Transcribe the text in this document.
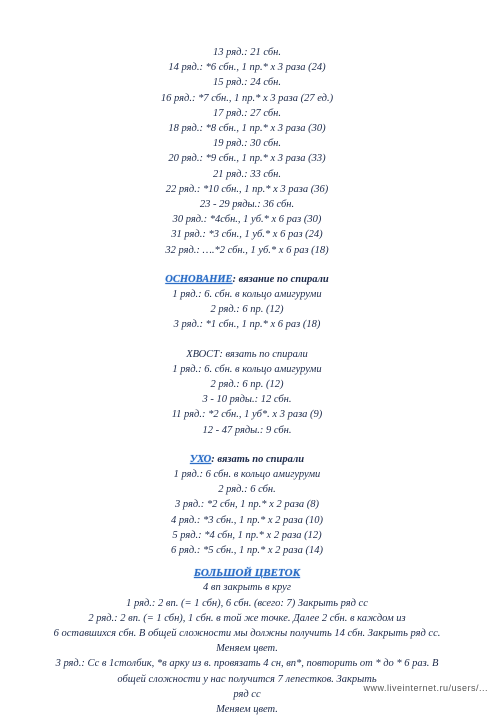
13 ряд.: 21 сбн.
14 ряд.: *6 сбн., 1 пр.* х 3 раза (24)
15 ряд.: 24 сбн.
16 ряд.: *7 сбн., 1 пр.* х 3 раза (27 ед.)
17 ряд.: 27 сбн.
18 ряд.: *8 сбн., 1 пр.* х 3 раза (30)
19 ряд.: 30 сбн.
20 ряд.: *9 сбн., 1 пр.* х 3 раза (33)
21 ряд.: 33 сбн.
22 ряд.: *10 сбн., 1 пр.* х 3 раза (36)
23 - 29 ряды.: 36 сбн.
30 ряд.: *4сбн., 1 уб.* х 6 раз (30)
31 ряд.: *3 сбн., 1 уб.* х 6 раз (24)
32 ряд.: ….*2 сбн., 1 уб.* х 6 раз (18)
ОСНОВАНИЕ: вязание по спирали
1 ряд.: 6. сбн. в кольцо амигуруми
2 ряд.: 6 пр. (12)
3 ряд.: *1 сбн., 1 пр.* х 6 раз (18)
ХВОСТ: вязать по спирали
1 ряд.: 6. сбн. в кольцо амигуруми
2 ряд.: 6 пр. (12)
3 - 10 ряды.: 12 сбн.
11 ряд.: *2 сбн., 1 уб*. х 3 раза (9)
12 - 47 ряды.: 9 сбн.
УХО: вязать по спирали
1 ряд.: 6 сбн. в кольцо амигуруми
2 ряд.: 6 сбн.
3 ряд.: *2 сбн, 1 пр.* х 2 раза (8)
4 ряд.: *3 сбн., 1 пр.* х 2 раза (10)
5 ряд.: *4 сбн, 1 пр.* х 2 раза (12)
6 ряд.: *5 сбн., 1 пр.* х 2 раза (14)
БОЛЬШОЙ ЦВЕТОК
4 вп закрыть в круг
1 ряд.: 2 вп. (= 1 сбн), 6 сбн. (всего: 7) Закрыть ряд сс
2 ряд.: 2 вп. (= 1 сбн), 1 сбн. в той же точке. Далее 2 сбн. в каждом из
6 оставшихся сбн. В общей сложности мы должны получить 14 сбн. Закрыть ряд сс.
Меняем цвет.
3 ряд.: Сс в 1столбик, *в арку из в. провязать 4 сн, вп*, повторить от * до * 6 раз. В
общей сложности у нас получится 7 лепестков. Закрыть
ряд сс
Меняем цвет.
www.liveinternet.ru/users/...
